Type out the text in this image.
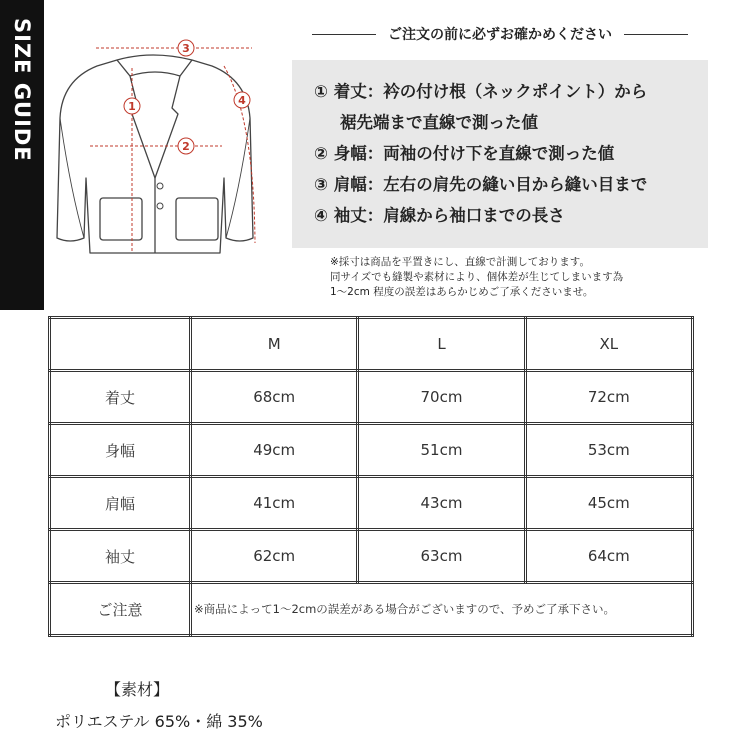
SIZE GUIDE	3
1
2
4
ご注文の前に必ずお確かめください
① 着丈：衿の付け根（ネックポイント）から
裾先端まで直線で測った値
② 身幅：両袖の付け下を直線で測った値
③ 肩幅：左右の肩先の縫い目から縫い目まで
④ 袖丈：肩線から袖口までの長さ
※採寸は商品を平置きにし、直線で計測しております。
同サイズでも縫製や素材により、個体差が生じてしまいます為
1～2cm 程度の誤差はあらかじめご了承くださいませ。
	M	L	XL
着丈	68cm	70cm	72cm
身幅	49cm	51cm	53cm
肩幅	41cm	43cm	45cm
袖丈	62cm	63cm	64cm
ご注意	※商品によって1～2cmの誤差がある場合がございますので、予めご了承下さい。		
【素材】
ポリエステル 65%・綿 35%
